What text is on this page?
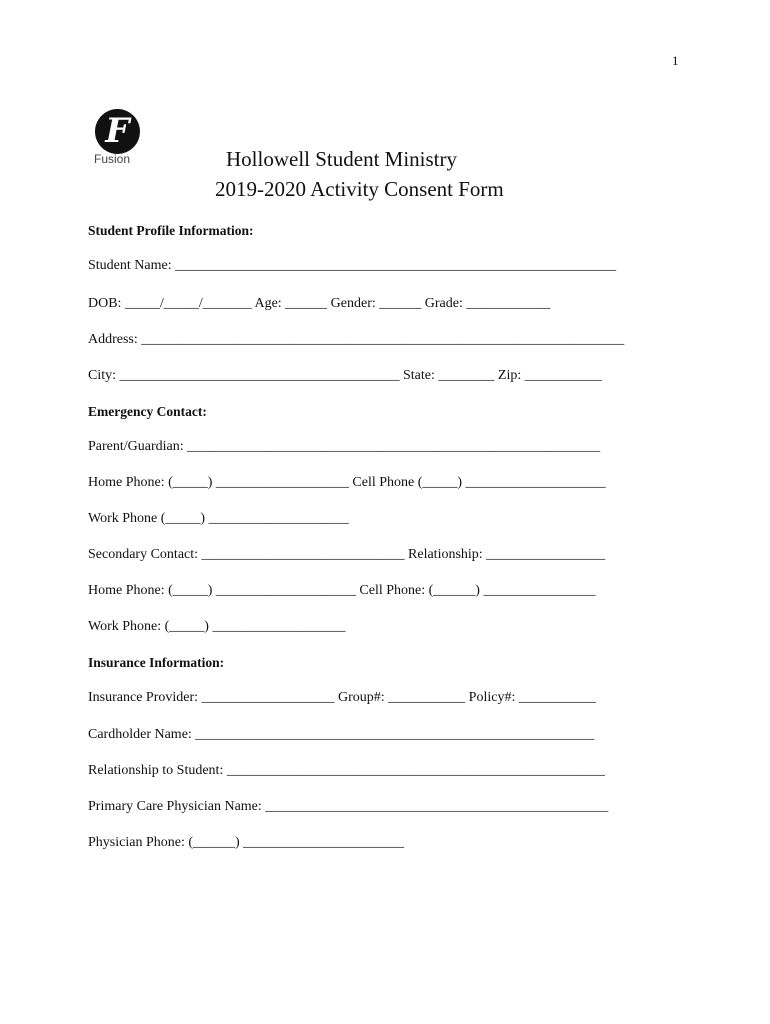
1
F
Fusion	Hollowell Student Ministry
2019-2020 Activity Consent Form
Student Profile Information:
Student Name: _______________________________________________________________
DOB: _____/_____/_______ Age: ______ Gender: ______ Grade: ____________
Address: _____________________________________________________________________
City: ________________________________________ State: ________ Zip: ___________
Emergency Contact:
Parent/Guardian: ___________________________________________________________
Home Phone: (_____) ___________________ Cell Phone (_____) ____________________
Work Phone (_____) ____________________
Secondary Contact: _____________________________ Relationship: _________________
Home Phone: (_____) ____________________ Cell Phone: (______) ________________
Work Phone: (_____) ___________________
Insurance Information:
Insurance Provider: ___________________ Group#: ___________ Policy#: ___________
Cardholder Name: _________________________________________________________
Relationship to Student: ______________________________________________________
Primary Care Physician Name: _________________________________________________
Physician Phone: (______) _______________________
